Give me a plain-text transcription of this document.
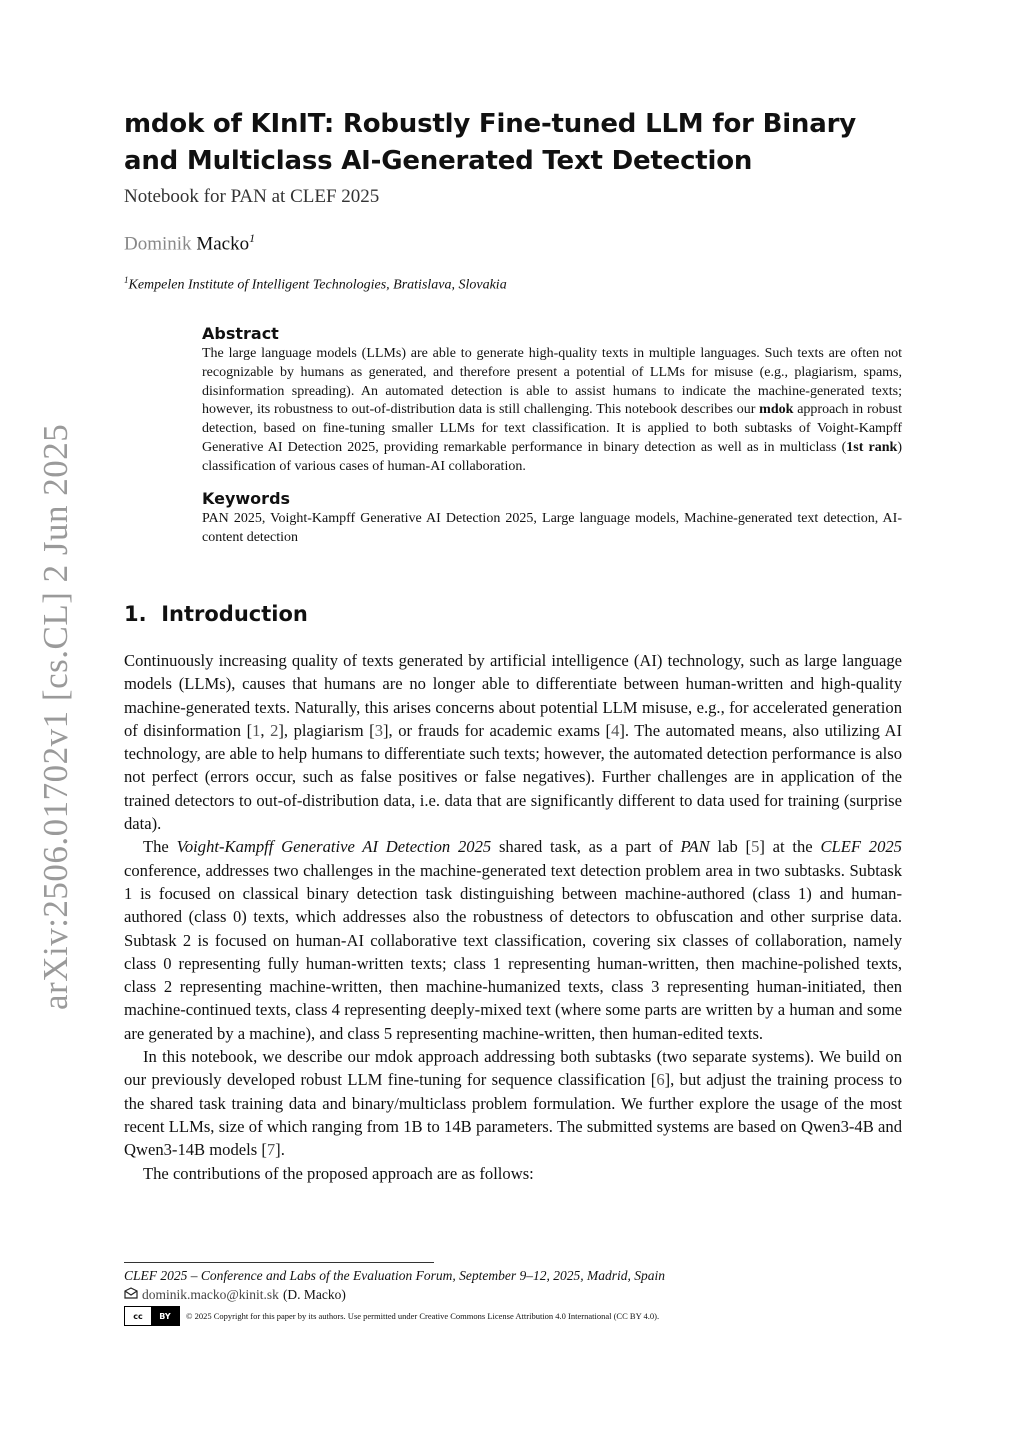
arXiv:2506.01702v1 [cs.CL] 2 Jun 2025
mdok of KInIT: Robustly Fine-tuned LLM for Binary and Multiclass AI-Generated Text Detection
Notebook for PAN at CLEF 2025
Dominik Macko$^1$
$^1$Kempelen Institute of Intelligent Technologies, Bratislava, Slovakia
Abstract

The large language models (LLMs) are able to generate high-quality texts in multiple languages. Such texts are often not recognizable by humans as generated, and therefore present a potential of LLMs for misuse (e.g., plagiarism, spams, disinformation spreading). An automated detection is able to assist humans to indicate the machine-generated texts; however, its robustness to out-of-distribution data is still challenging. This notebook describes our mdok approach in robust detection, based on fine-tuning smaller LLMs for text classification. It is applied to both subtasks of Voight-Kampff Generative AI Detection 2025, providing remarkable performance in binary detection as well as in multiclass (1st rank) classification of various cases of human-AI collaboration.

Keywords

PAN 2025, Voight-Kampff Generative AI Detection 2025, Large language models, Machine-generated text detection, AI-content detection

1. Introduction

Continuously increasing quality of texts generated by artificial intelligence (AI) technology, such as large language models (LLMs), causes that humans are no longer able to differentiate between human-written and high-quality machine-generated texts. Naturally, this arises concerns about potential LLM misuse, e.g., for accelerated generation of disinformation [1, 2], plagiarism [3], or frauds for academic exams [4]. The automated means, also utilizing AI technology, are able to help humans to differentiate such texts; however, the automated detection performance is also not perfect (errors occur, such as false positives or false negatives). Further challenges are in application of the trained detectors to out-of-distribution data, i.e. data that are significantly different to data used for training (surprise data).

The Voight-Kampff Generative AI Detection 2025 shared task, as a part of PAN lab [5] at the CLEF 2025 conference, addresses two challenges in the machine-generated text detection problem area in two subtasks. Subtask 1 is focused on classical binary detection task distinguishing between machine-authored (class 1) and human-authored (class 0) texts, which addresses also the robustness of detectors to obfuscation and other surprise data. Subtask 2 is focused on human-AI collaborative text classification, covering six classes of collaboration, namely class 0 representing fully human-written texts; class 1 representing human-written, then machine-polished texts, class 2 representing machine-written, then machine-humanized texts, class 3 representing human-initiated, then machine-continued texts, class 4 representing deeply-mixed text (where some parts are written by a human and some are generated by a machine), and class 5 representing machine-written, then human-edited texts.

In this notebook, we describe our mdok approach addressing both subtasks (two separate systems). We build on our previously developed robust LLM fine-tuning for sequence classification [6], but adjust the training process to the shared task training data and binary/multiclass problem formulation. We further explore the usage of the most recent LLMs, size of which ranging from 1B to 14B parameters. The submitted systems are based on Qwen3-4B and Qwen3-14B models [7].

The contributions of the proposed approach are as follows:

CLEF 2025 – Conference and Labs of the Evaluation Forum, September 9–12, 2025, Madrid, Spain
dominik.macko@kinit.sk (D. Macko)
cc	BY	© 2025 Copyright for this paper by its authors. Use permitted under Creative Commons License Attribution 4.0 International (CC BY 4.0).
